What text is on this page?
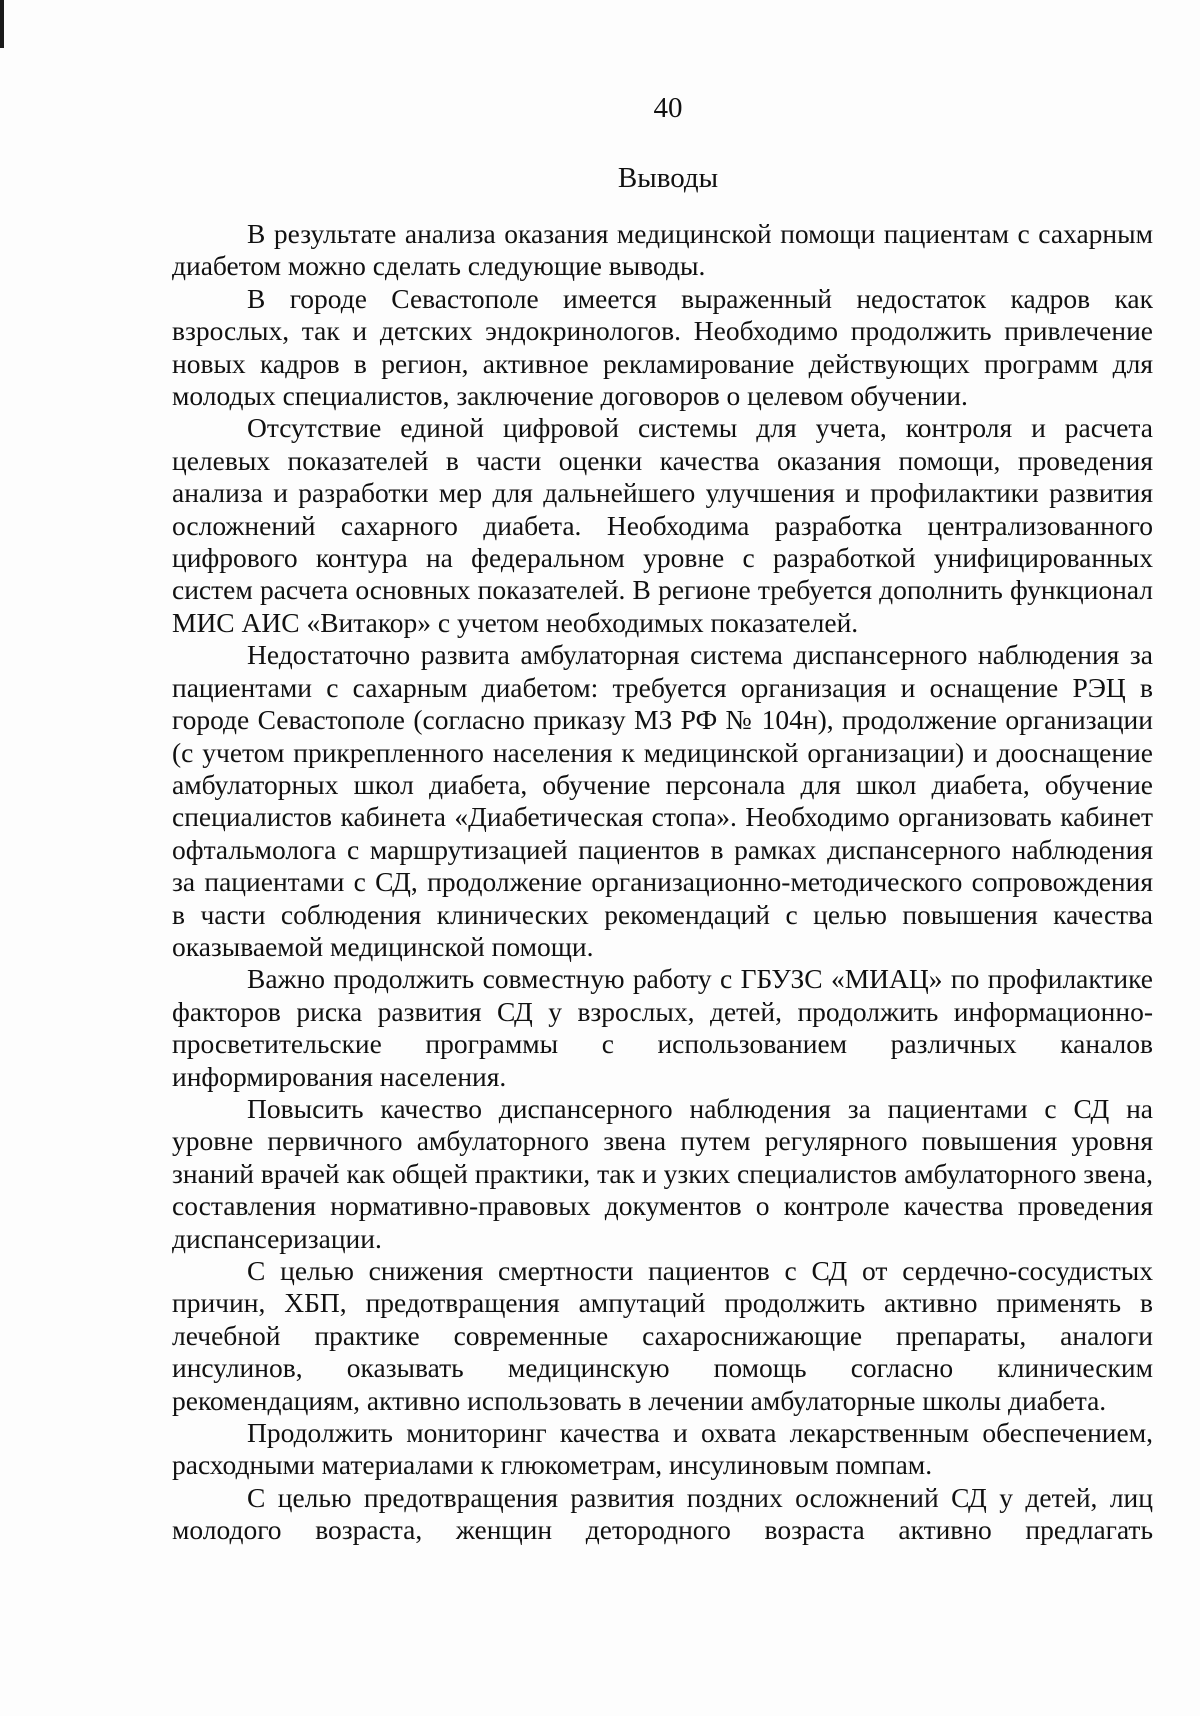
40
Выводы

В результате анализа оказания медицинской помощи пациентам с сахарным диабетом можно сделать следующие выводы.

В городе Севастополе имеется выраженный недостаток кадров как взрослых, так и детских эндокринологов. Необходимо продолжить привлечение новых кадров в регион, активное рекламирование действующих программ для молодых специалистов, заключение договоров о целевом обучении.

Отсутствие единой цифровой системы для учета, контроля и расчета целевых показателей в части оценки качества оказания помощи, проведения анализа и разработки мер для дальнейшего улучшения и профилактики развития осложнений сахарного диабета. Необходима разработка централизованного цифрового контура на федеральном уровне с разработкой унифицированных систем расчета основных показателей. В регионе требуется дополнить функционал МИС АИС «Витакор» с учетом необходимых показателей.

Недостаточно развита амбулаторная система диспансерного наблюдения за пациентами с сахарным диабетом: требуется организация и оснащение РЭЦ в городе Севастополе (согласно приказу МЗ РФ № 104н), продолжение организации (с учетом прикрепленного населения к медицинской организации) и дооснащение амбулаторных школ диабета, обучение персонала для школ диабета, обучение специалистов кабинета «Диабетическая стопа». Необходимо организовать кабинет офтальмолога с маршрутизацией пациентов в рамках диспансерного наблюдения за пациентами с СД, продолжение организационно-методического сопровождения в части соблюдения клинических рекомендаций с целью повышения качества оказываемой медицинской помощи.

Важно продолжить совместную работу с ГБУЗС «МИАЦ» по профилактике факторов риска развития СД у взрослых, детей, продолжить информационно-просветительские программы с использованием различных каналов информирования населения.

Повысить качество диспансерного наблюдения за пациентами с СД на уровне первичного амбулаторного звена путем регулярного повышения уровня знаний врачей как общей практики, так и узких специалистов амбулаторного звена, составления нормативно-правовых документов о контроле качества проведения диспансеризации.

С целью снижения смертности пациентов с СД от сердечно-сосудистых причин, ХБП, предотвращения ампутаций продолжить активно применять в лечебной практике современные сахароснижающие препараты, аналоги инсулинов, оказывать медицинскую помощь согласно клиническим рекомендациям, активно использовать в лечении амбулаторные школы диабета.

Продолжить мониторинг качества и охвата лекарственным обеспечением, расходными материалами к глюкометрам, инсулиновым помпам.

С целью предотвращения развития поздних осложнений СД у детей, лиц молодого возраста, женщин детородного возраста активно предлагать
